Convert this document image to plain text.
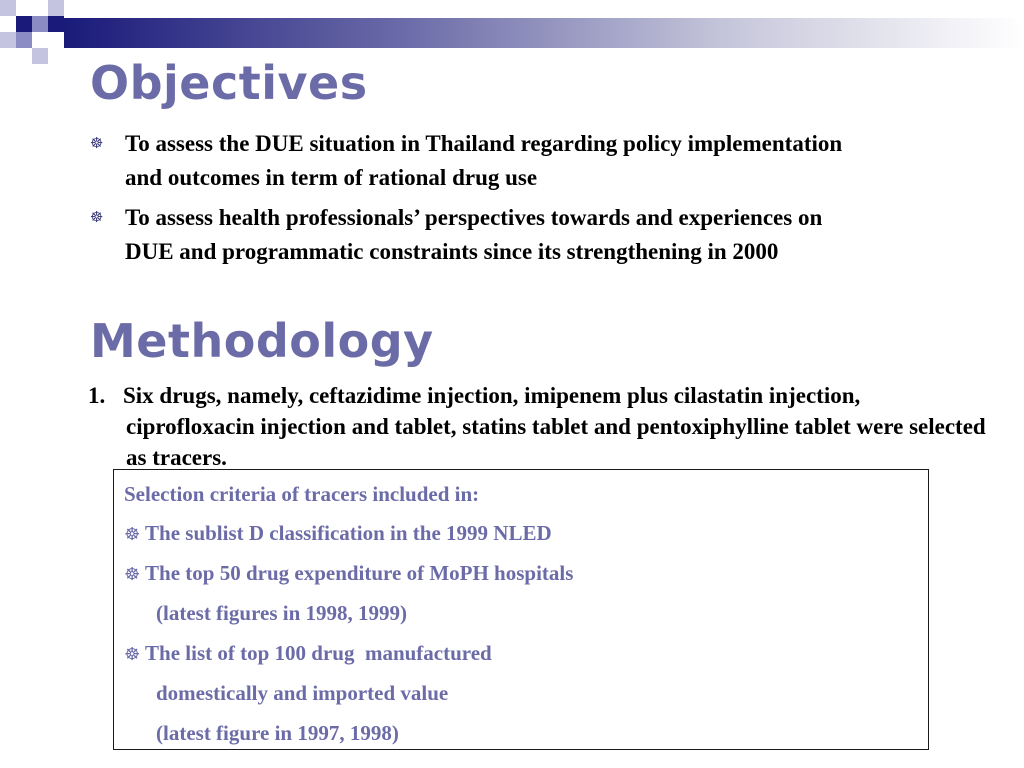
Objectives
☸ To assess the DUE situation in Thailand regarding policy implementation and outcomes in term of rational drug use
☸ To assess health professionals’ perspectives towards and experiences on DUE and programmatic constraints since its strengthening in 2000
Methodology
1. Six drugs, namely, ceftazidime injection, imipenem plus cilastatin injection, ciprofloxacin injection and tablet, statins tablet and pentoxiphylline tablet were selected as tracers.
Selection criteria of tracers included in:
☸ The sublist D classification in the 1999 NLED
☸ The top 50 drug expenditure of MoPH hospitals
(latest figures in 1998, 1999)
☸ The list of top 100 drug  manufactured
domestically and imported value
(latest figure in 1997, 1998)
